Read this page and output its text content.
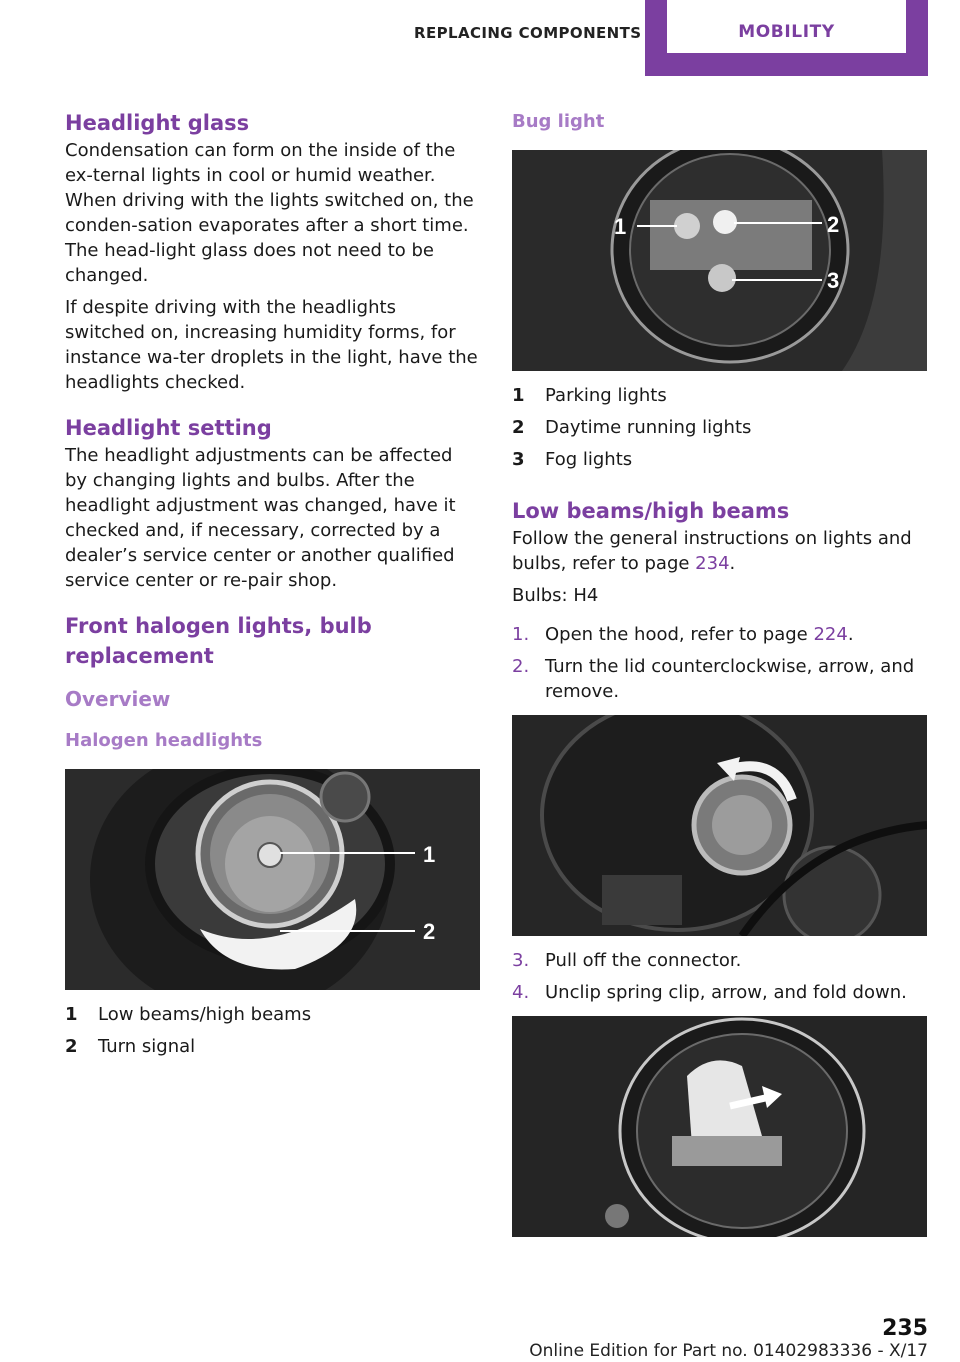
REPLACING COMPONENTS	MOBILITY
Headlight glass

Condensation can form on the inside of the ex‐ternal lights in cool or humid weather. When driving with the lights switched on, the conden‐sation evaporates after a short time. The head‐light glass does not need to be changed.

If despite driving with the headlights switched on, increasing humidity forms, for instance wa‐ter droplets in the light, have the headlights checked.

Headlight setting

The headlight adjustments can be affected by changing lights and bulbs. After the headlight adjustment was changed, have it checked and, if necessary, corrected by a dealer’s service center or another qualified service center or re‐pair shop.

Front halogen lights, bulb replacement
Overview
Halogen headlights
1
2
1	Low beams/high beams
2	Turn signal
Bug light
1	2
3
1	Parking lights
2	Daytime running lights
3	Fog lights
Low beams/high beams

Follow the general instructions on lights and bulbs, refer to page 234.

Bulbs: H4

1. Open the hood, refer to page 224.
2. Turn the lid counterclockwise, arrow, and remove.
3. Pull off the connector.
4. Unclip spring clip, arrow, and fold down.
235
Online Edition for Part no. 01402983336 - X/17
